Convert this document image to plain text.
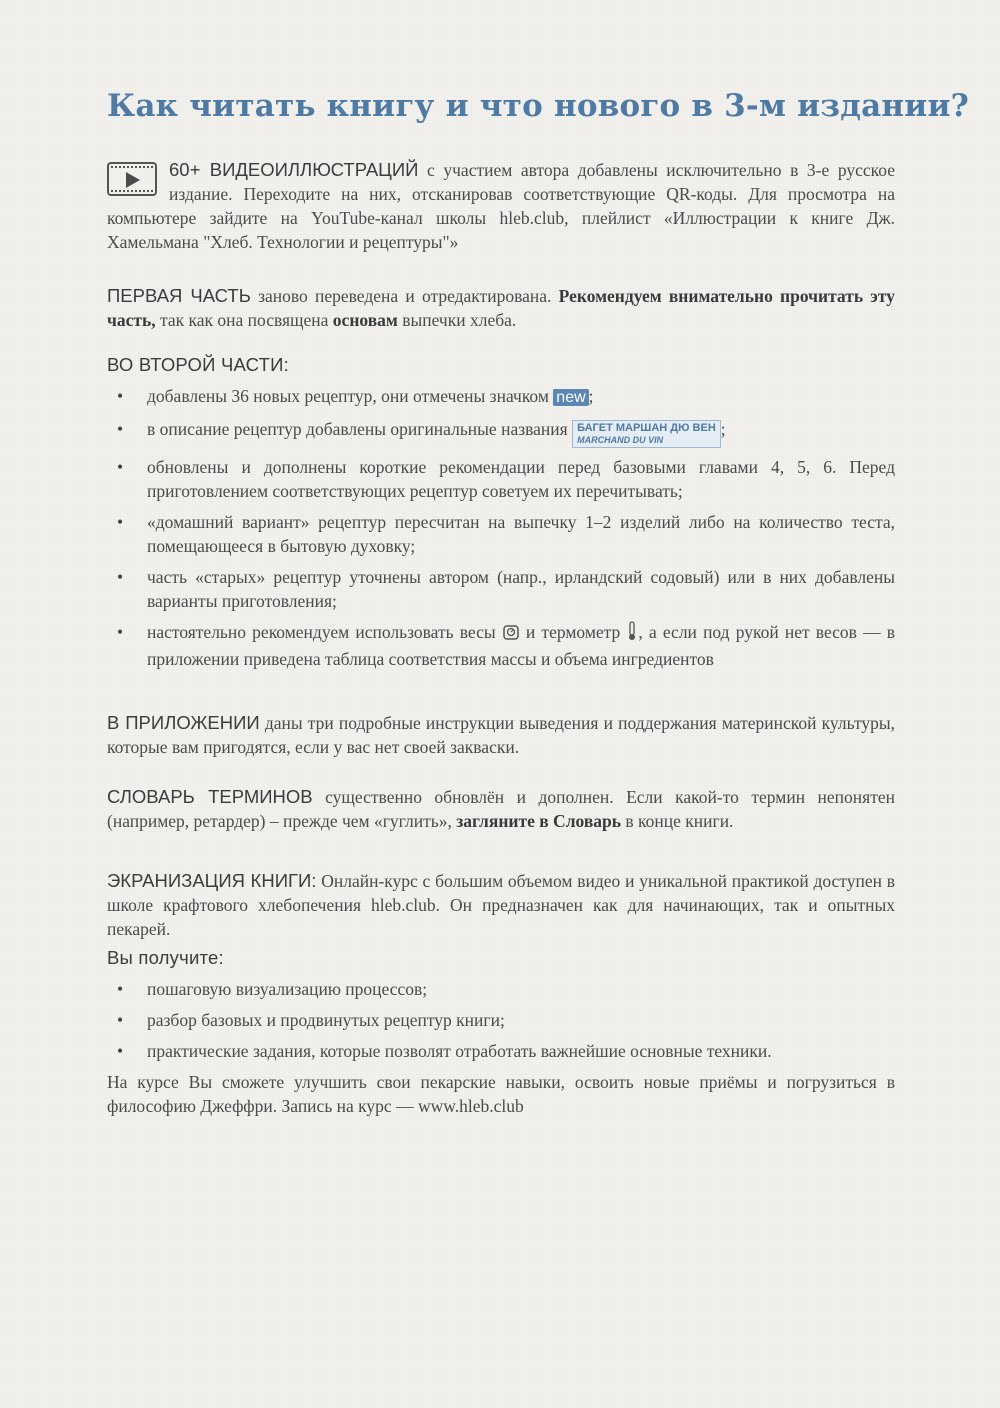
Как читать книгу и что нового в 3-м издании?

60+ ВИДЕОИЛЛЮСТРАЦИЙ с участием автора добавлены исключительно в 3-е русское издание. Переходите на них, отсканировав соответствующие QR-коды. Для просмотра на компьютере зайдите на YouTube-канал школы hleb.club, плейлист «Иллюстрации к книге Дж. Хамельмана "Хлеб. Технологии и рецептуры"»

ПЕРВАЯ ЧАСТЬ заново переведена и отредактирована. Рекомендуем внимательно прочитать эту часть, так как она посвящена основам выпечки хлеба.

ВО ВТОРОЙ ЧАСТИ:
• добавлены 36 новых рецептур, они отмечены значком new ;
• в описание рецептур добавлены оригинальные названия БАГЕТ МАРШАН ДЮ ВЕН
MARCHAND DU VIN
;
• обновлены и дополнены короткие рекомендации перед базовыми главами 4, 5, 6. Перед приготовлением соответствующих рецептур советуем их перечитывать;
• «домашний вариант» рецептур пересчитан на выпечку 1–2 изделий либо на количество теста, помещающееся в бытовую духовку;
• часть «старых» рецептур уточнены автором (напр., ирландский содовый) или в них добавлены варианты приготовления;
• настоятельно рекомендуем использовать весы  и термометр , а если под рукой нет весов — в приложении приведена таблица соответствия массы и объема ингредиентов

В ПРИЛОЖЕНИИ даны три подробные инструкции выведения и поддержания материнской культуры, которые вам пригодятся, если у вас нет своей закваски.

СЛОВАРЬ ТЕРМИНОВ существенно обновлён и дополнен. Если какой-то термин непонятен (например, ретардер) – прежде чем «гуглить», загляните в Словарь в конце книги.

ЭКРАНИЗАЦИЯ КНИГИ: Онлайн-курс с большим объемом видео и уникальной практикой доступен в школе крафтового хлебопечения hleb.club. Он предназначен как для начинающих, так и опытных пекарей.

Вы получите:
• пошаговую визуализацию процессов;
• разбор базовых и продвинутых рецептур книги;
• практические задания, которые позволят отработать важнейшие основные техники.

На курсе Вы сможете улучшить свои пекарские навыки, освоить новые приёмы и погрузиться в философию Джеффри. Запись на курс — www.hleb.club
